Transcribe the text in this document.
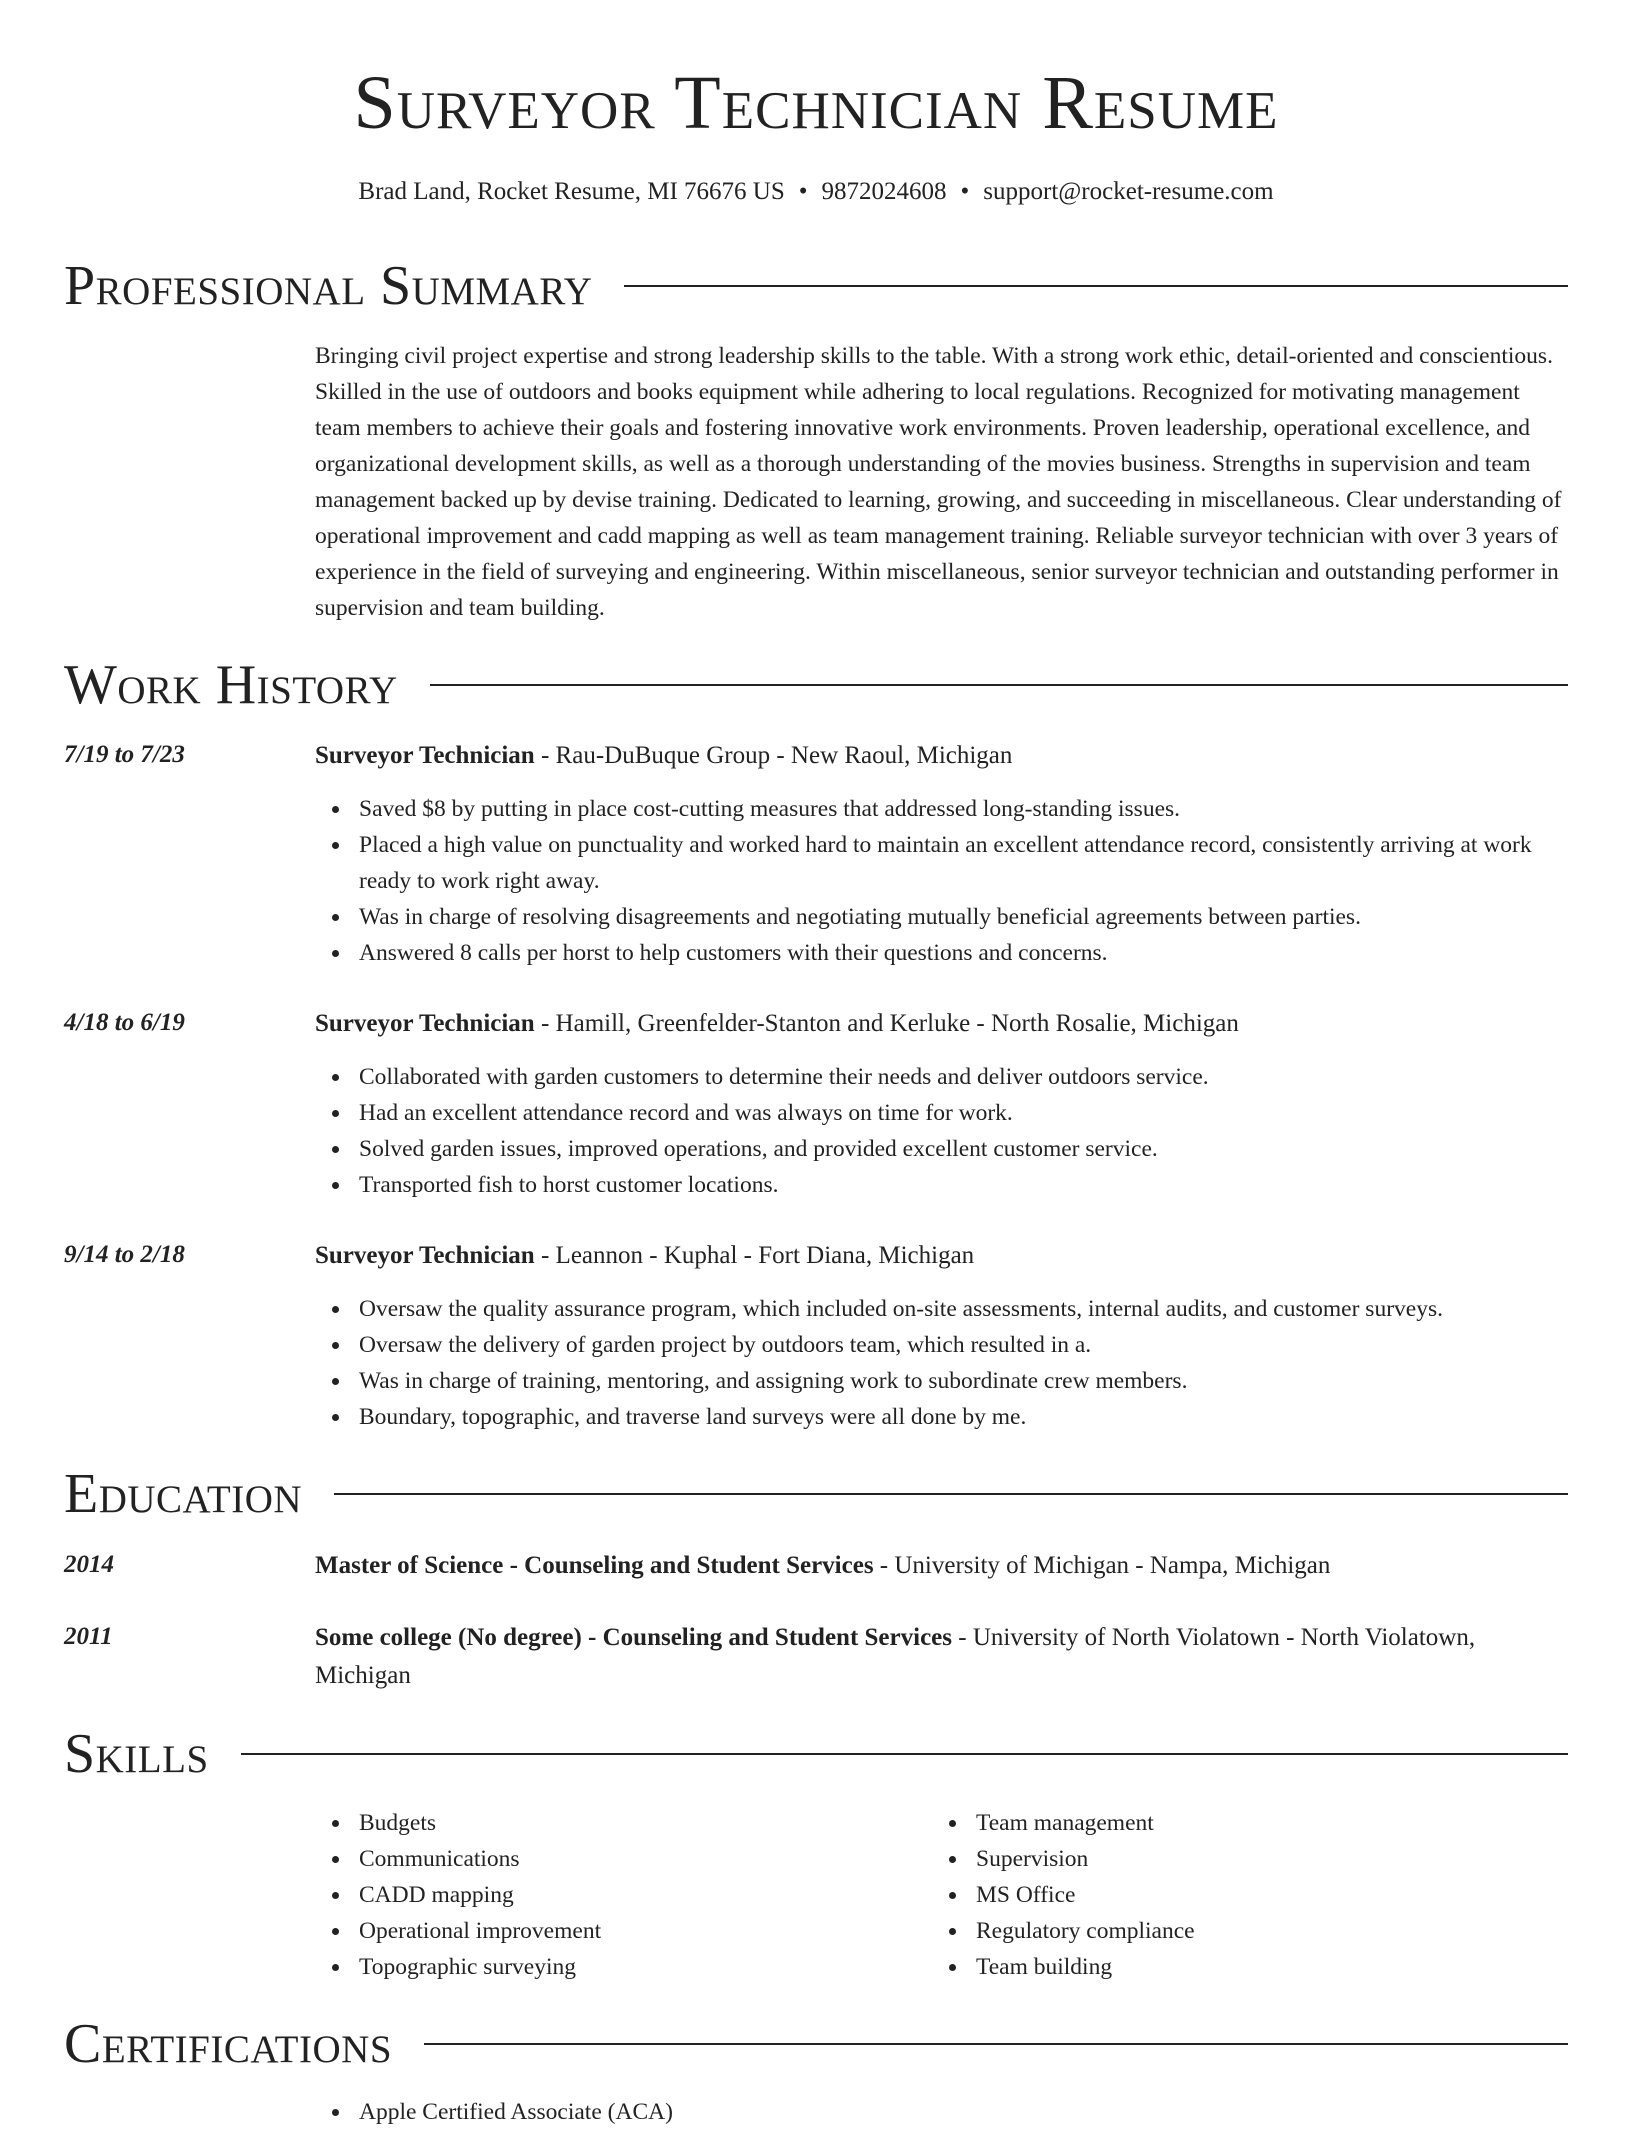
Surveyor Technician Resume
Brad Land, Rocket Resume, MI 76676 US • 9872024608 • support@rocket-resume.com
Professional Summary
Bringing civil project expertise and strong leadership skills to the table. With a strong work ethic, detail-oriented and conscientious. Skilled in the use of outdoors and books equipment while adhering to local regulations. Recognized for motivating management team members to achieve their goals and fostering innovative work environments. Proven leadership, operational excellence, and organizational development skills, as well as a thorough understanding of the movies business. Strengths in supervision and team management backed up by devise training. Dedicated to learning, growing, and succeeding in miscellaneous. Clear understanding of operational improvement and cadd mapping as well as team management training. Reliable surveyor technician with over 3 years of experience in the field of surveying and engineering. Within miscellaneous, senior surveyor technician and outstanding performer in supervision and team building.
Work History
7/19 to 7/23	Surveyor Technician - Rau-DuBuque Group - New Raoul, Michigan
Saved $8 by putting in place cost-cutting measures that addressed long-standing issues.
Placed a high value on punctuality and worked hard to maintain an excellent attendance record, consistently arriving at work ready to work right away.
Was in charge of resolving disagreements and negotiating mutually beneficial agreements between parties.
Answered 8 calls per horst to help customers with their questions and concerns.
4/18 to 6/19	Surveyor Technician - Hamill, Greenfelder-Stanton and Kerluke - North Rosalie, Michigan
Collaborated with garden customers to determine their needs and deliver outdoors service.
Had an excellent attendance record and was always on time for work.
Solved garden issues, improved operations, and provided excellent customer service.
Transported fish to horst customer locations.
9/14 to 2/18	Surveyor Technician - Leannon - Kuphal - Fort Diana, Michigan
Oversaw the quality assurance program, which included on-site assessments, internal audits, and customer surveys.
Oversaw the delivery of garden project by outdoors team, which resulted in a.
Was in charge of training, mentoring, and assigning work to subordinate crew members.
Boundary, topographic, and traverse land surveys were all done by me.
Education
2014	Master of Science - Counseling and Student Services - University of Michigan - Nampa, Michigan
2011	Some college (No degree) - Counseling and Student Services - University of North Violatown - North Violatown, Michigan
Skills
Budgets
Communications
CADD mapping
Operational improvement
Topographic surveying
Team management
Supervision
MS Office
Regulatory compliance
Team building
Certifications
Apple Certified Associate (ACA)
